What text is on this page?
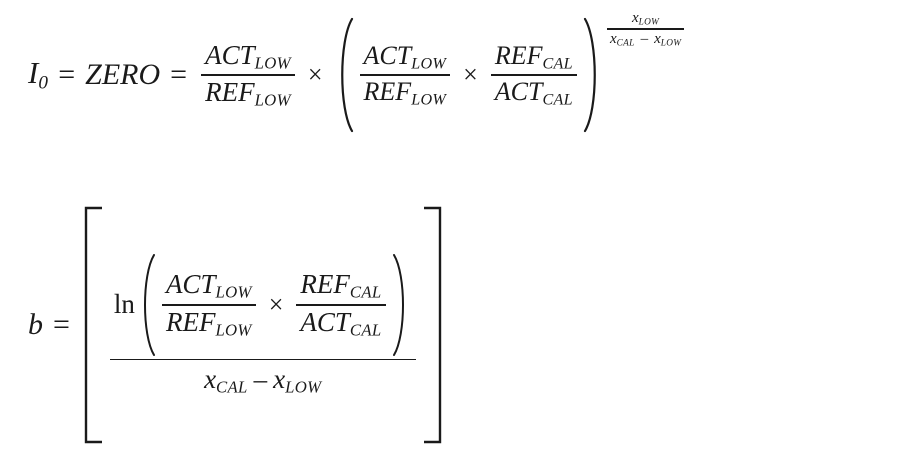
$I_0$ = ZERO = $\frac{ACT_{LOW}}{REF_{LOW}}$ ×	$\frac{ACT_{LOW}}{REF_{LOW}} \times \frac{REF_{CAL}}{ACT_{CAL}}$
$\frac{x_{LOW}}{x_{CAL} - x_{LOW}}$
b =
$\ln \frac{ACT_{LOW}}{REF_{LOW}} \times \frac{REF_{CAL}}{ACT_{CAL}}$
$x_{CAL} - x_{LOW}$
